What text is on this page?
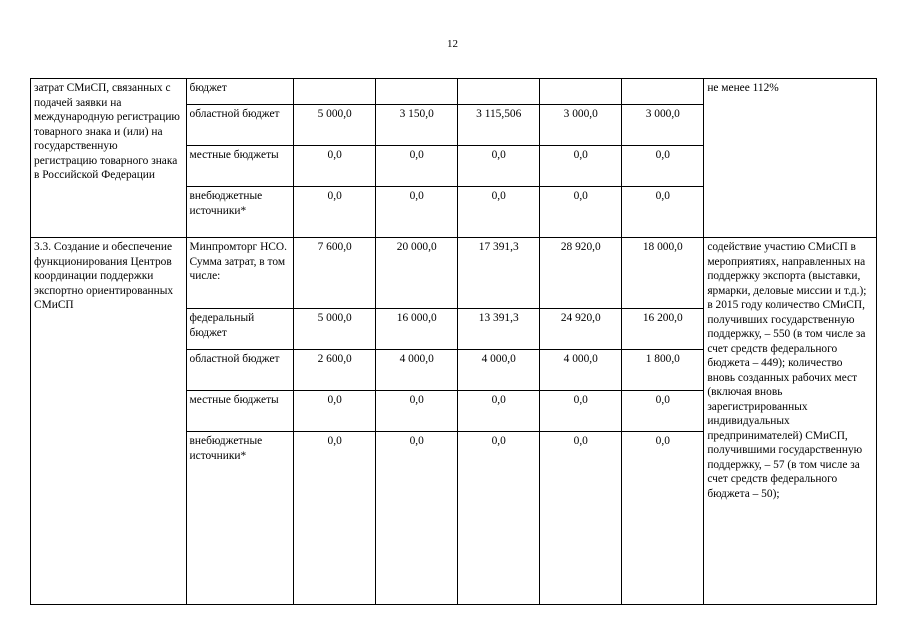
12
затрат СМиСП, связанных с подачей заявки на международную регистрацию товарного знака и (или) на государственную регистрацию товарного знака в Российской Федерации	бюджет						не менее 112%
	областной бюджет	5 000,0	3 150,0	3 115,506	3 000,0	3 000,0	
	местные бюджеты	0,0	0,0	0,0	0,0	0,0	
	внебюджетные источники*	0,0	0,0	0,0	0,0	0,0	
3.3. Создание и обеспечение функционирования Центров координации поддержки экспортно ориентированных СМиСП	Минпромторг НСО. Сумма затрат, в том числе:	7 600,0	20 000,0	17 391,3	28 920,0	18 000,0	содействие участию СМиСП в мероприятиях, направленных на поддержку экспорта (выставки, ярмарки, деловые миссии и т.д.); в 2015 году количество СМиСП, получивших государственную поддержку, – 550 (в том числе за счет средств федерального бюджета – 449); количество вновь созданных рабочих мест (включая вновь зарегистрированных индивидуальных предпринимателей) СМиСП, получившими государственную поддержку, – 57 (в том числе за счет средств федерального бюджета – 50);
	федеральный бюджет	5 000,0	16 000,0	13 391,3	24 920,0	16 200,0	
	областной бюджет	2 600,0	4 000,0	4 000,0	4 000,0	1 800,0	
	местные бюджеты	0,0	0,0	0,0	0,0	0,0	
	внебюджетные источники*	0,0	0,0	0,0	0,0	0,0	
